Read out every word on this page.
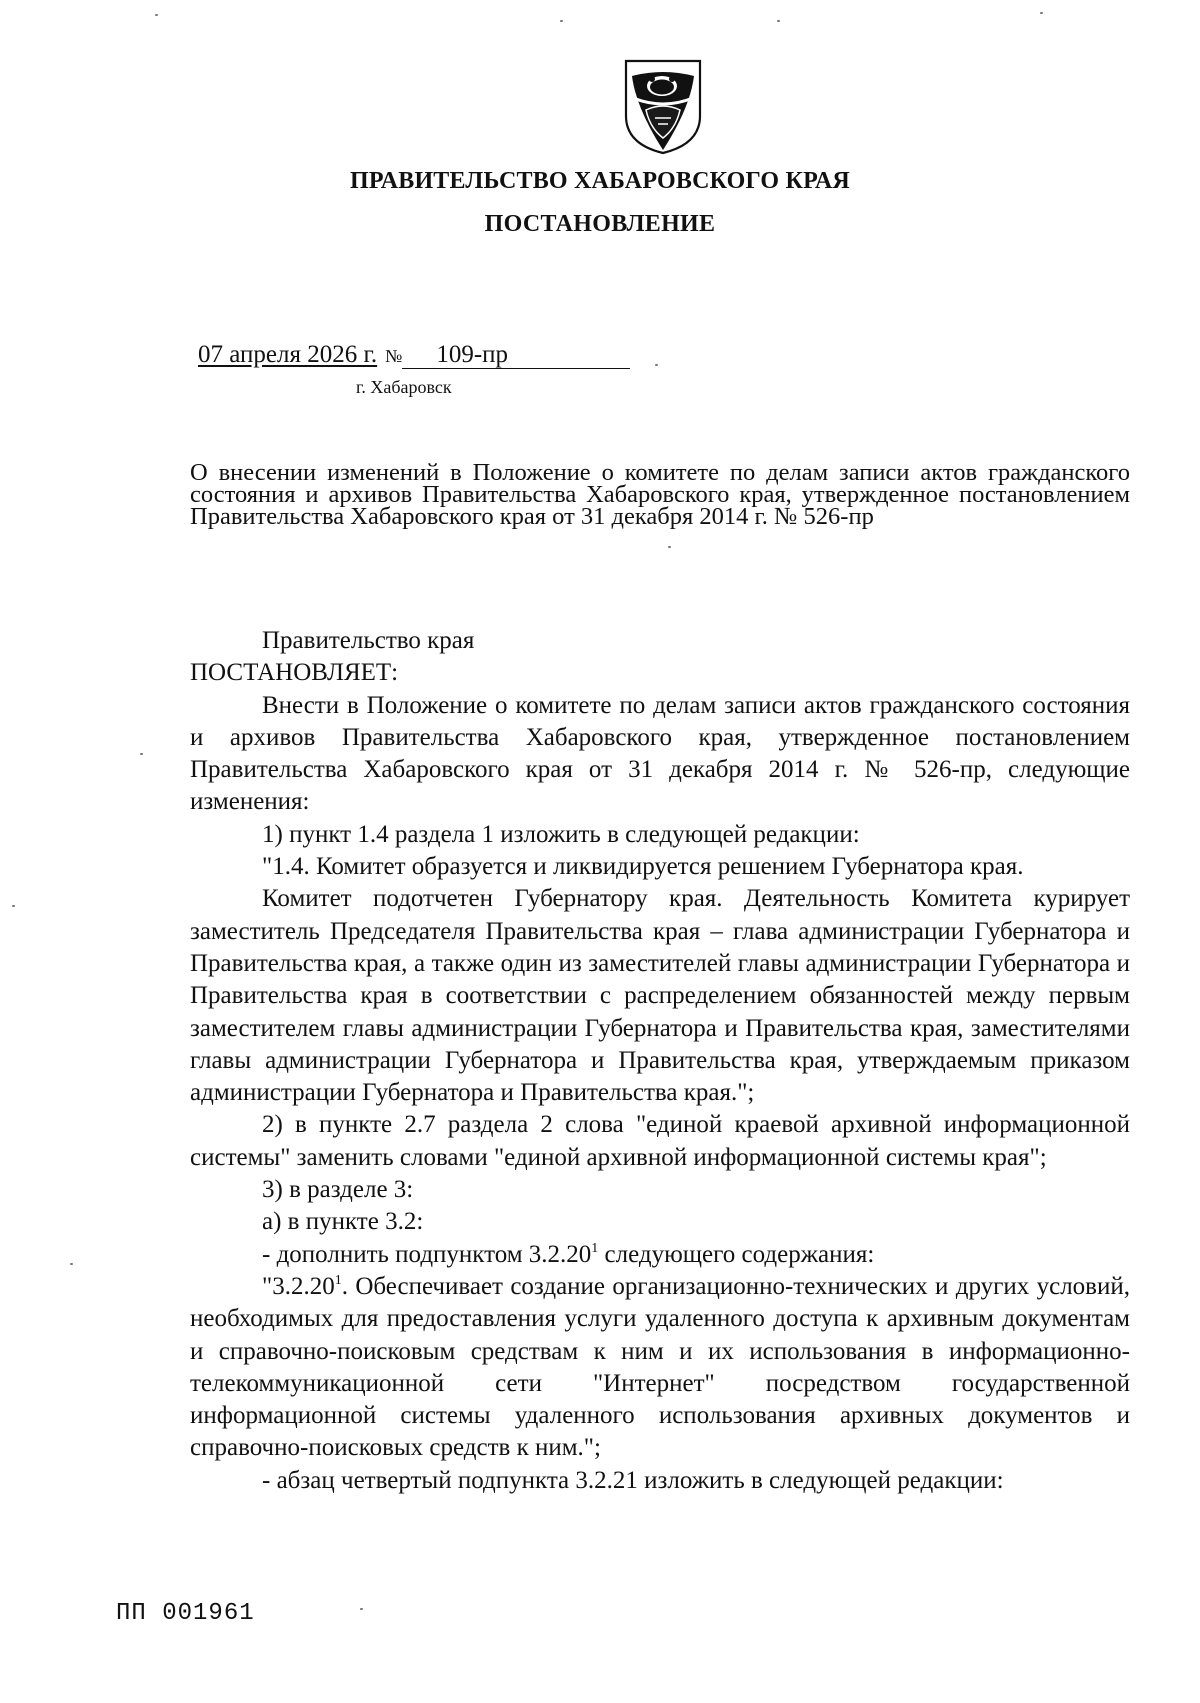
ПРАВИТЕЛЬСТВО ХАБАРОВСКОГО КРАЯ
ПОСТАНОВЛЕНИЕ
07 апреля 2026 г. № 109-пр
г. Хабаровск
О внесении изменений в Положение о комитете по делам записи актов гражданского состояния и архивов Правительства Хабаровского края, утвержденное постановлением Правительства Хабаровского края от 31 декабря 2014 г. № 526-пр

Правительство края

ПОСТАНОВЛЯЕТ:

Внести в Положение о комитете по делам записи актов гражданского состояния и архивов Правительства Хабаровского края, утвержденное постановлением Правительства Хабаровского края от 31 декабря 2014 г. № 526-пр, следующие изменения:

1) пункт 1.4 раздела 1 изложить в следующей редакции:

"1.4. Комитет образуется и ликвидируется решением Губернатора края.

Комитет подотчетен Губернатору края. Деятельность Комитета курирует заместитель Председателя Правительства края – глава администрации Губернатора и Правительства края, а также один из заместителей главы администрации Губернатора и Правительства края в соответствии с распределением обязанностей между первым заместителем главы администрации Губернатора и Правительства края, заместителями главы администрации Губернатора и Правительства края, утверждаемым приказом администрации Губернатора и Правительства края.";

2) в пункте 2.7 раздела 2 слова "единой краевой архивной информационной системы" заменить словами "единой архивной информационной системы края";

3) в разделе 3:

а) в пункте 3.2:

- дополнить подпунктом 3.2.20$^1$ следующего содержания:

"3.2.20$^1$. Обеспечивает создание организационно-технических и других условий, необходимых для предоставления услуги удаленного доступа к архивным документам и справочно-поисковым средствам к ним и их использования в информационно-телекоммуникационной сети "Интернет" посредством государственной информационной системы удаленного использования архивных документов и справочно-поисковых средств к ним.";

- абзац четвертый подпункта 3.2.21 изложить в следующей редакции:

ПП 001961
